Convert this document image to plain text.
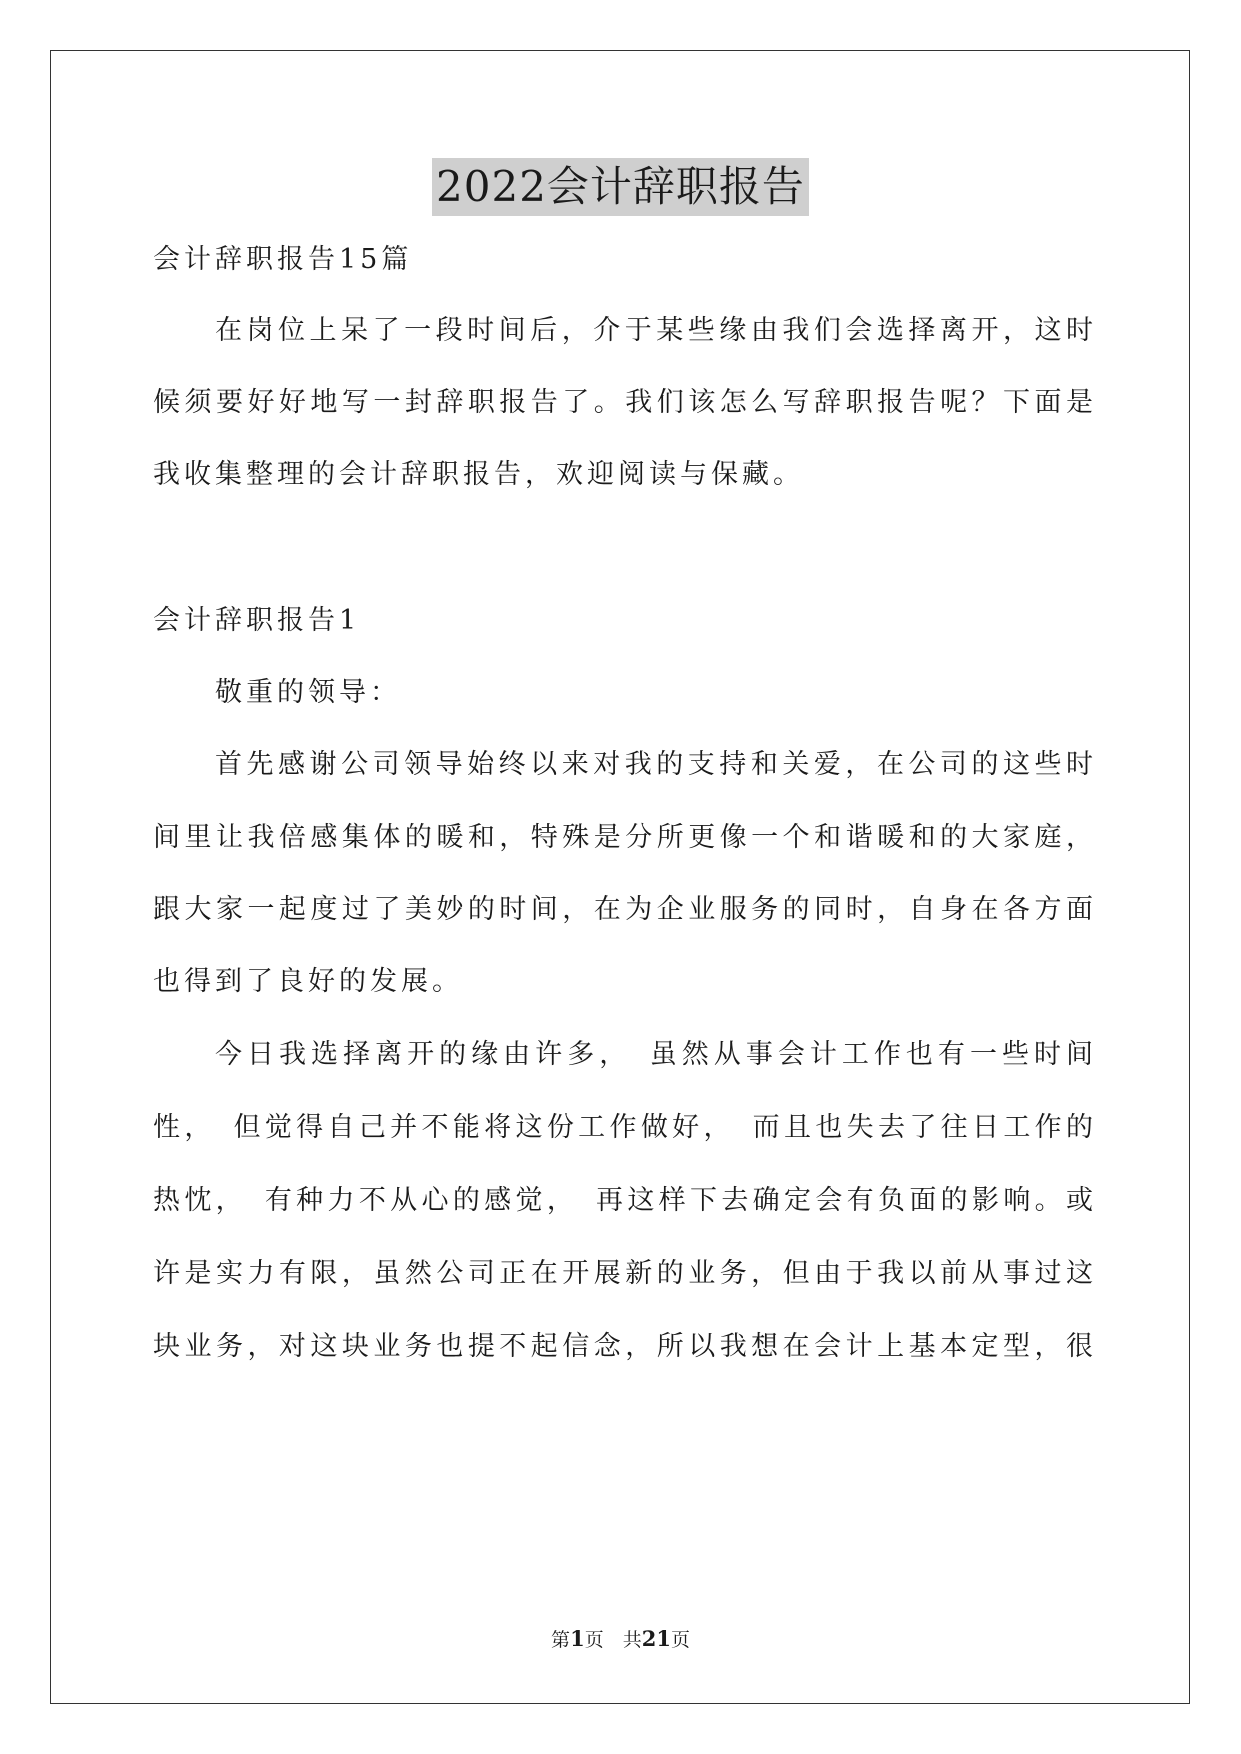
2022会计辞职报告
会计辞职报告15篇
在岗位上呆了一段时间后，介于某些缘由我们会选择离开，这时
候须要好好地写一封辞职报告了。我们该怎么写辞职报告呢？下面是
我收集整理的会计辞职报告，欢迎阅读与保藏。
会计辞职报告1
敬重的领导：
首先感谢公司领导始终以来对我的支持和关爱，在公司的这些时
间里让我倍感集体的暖和，特殊是分所更像一个和谐暖和的大家庭，
跟大家一起度过了美妙的时间，在为企业服务的同时，自身在各方面
也得到了良好的发展。
今日我选择离开的缘由许多，　虽然从事会计工作也有一些时间
性，　但觉得自己并不能将这份工作做好，　而且也失去了往日工作的
热忱，　有种力不从心的感觉，　再这样下去确定会有负面的影响。或
许是实力有限，虽然公司正在开展新的业务，但由于我以前从事过这
块业务，对这块业务也提不起信念，所以我想在会计上基本定型，很
第1页　共21页
